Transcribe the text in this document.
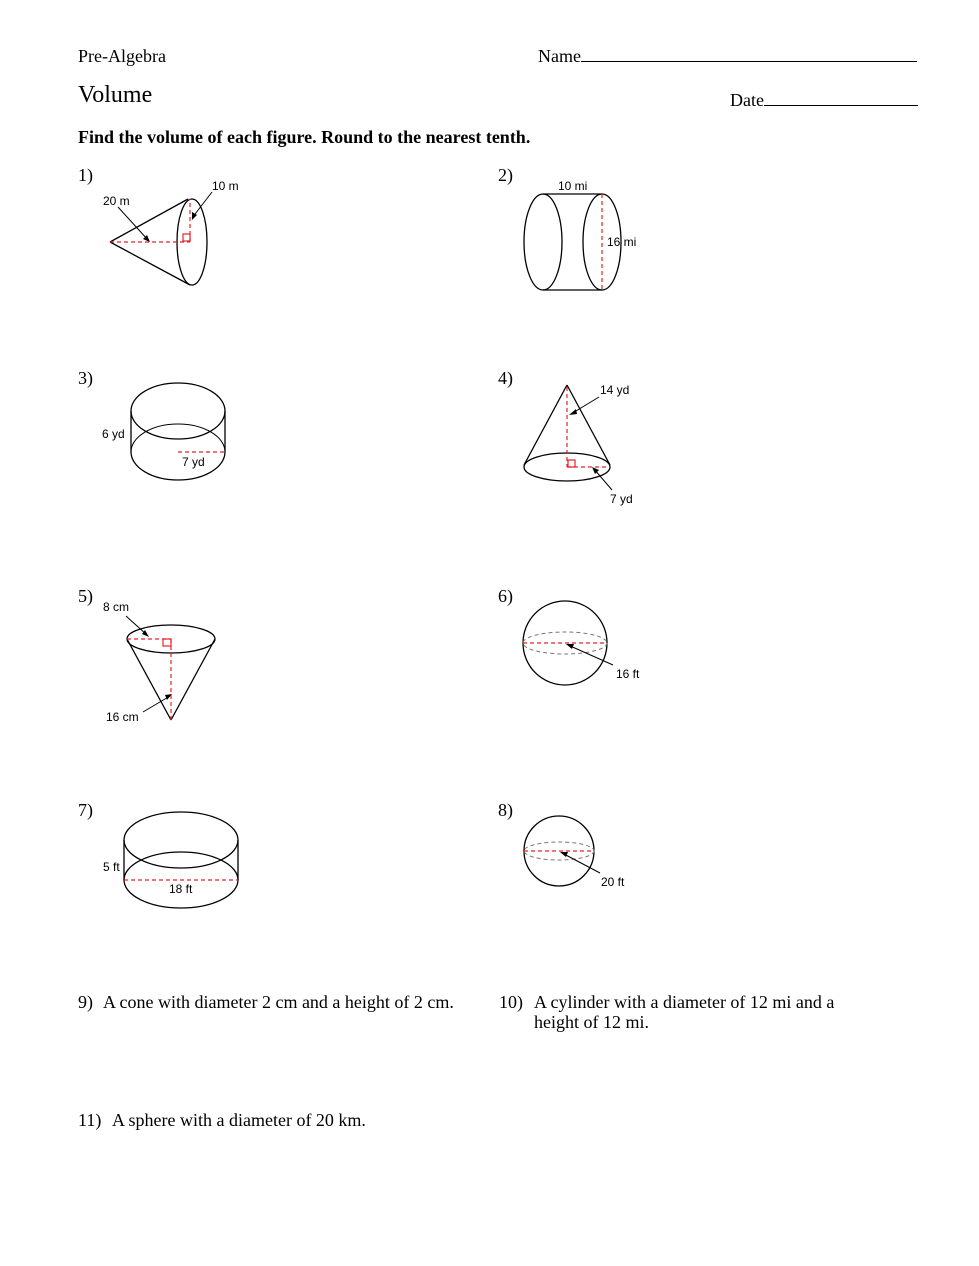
Pre-Algebra	Name
Volume	Date
Find the volume of each figure. Round to the nearest tenth.
1)	2)
3)	4)
5)	6)
7)	8)
10 m
20 m
10 mi
16 mi
6 yd
7 yd
14 yd
7 yd
8 cm
16 cm
16 ft
5 ft
18 ft	20 ft
9) A cone with diameter 2 cm and a height of 2 cm.	10) A cylinder with a diameter of 12 mi and a height of 12 mi.
11) A sphere with a diameter of 20 km.
